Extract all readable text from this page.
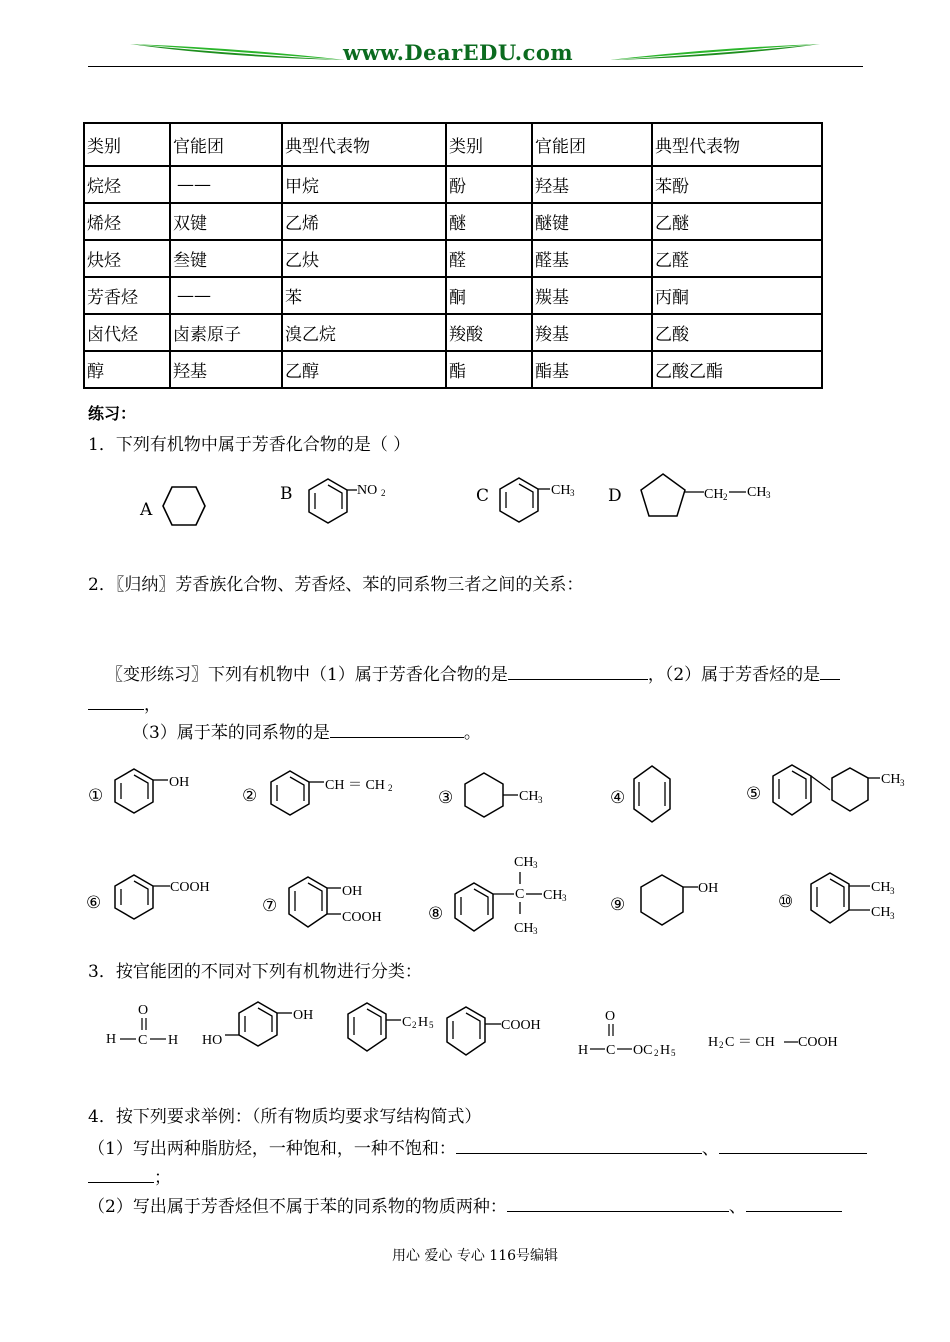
www.DearEDU.com
类别	官能团	典型代表物	类别	官能团	典型代表物
烷烃	——	甲烷	酚	羟基	苯酚
烯烃	双键	乙烯	醚	醚键	乙醚
炔烃	叁键	乙炔	醛	醛基	乙醛
芳香烃	——	苯	酮	羰基	丙酮
卤代烃	卤素原子	溴乙烷	羧酸	羧基	乙酸
醇	羟基	乙醇	酯	酯基	乙酸乙酯
练习：
1．下列有机物中属于芳香化合物的是（ ）
A
B	NO 2	C	CH 3 D	CH 2 CH 3
2．〖归纳〗芳香族化合物、芳香烃、苯的同系物三者之间的关系：
〖变形练习〗下列有机物中（1）属于芳香化合物的是	，（2）属于芳香烃的是
，
（3）属于苯的同系物的是	。
①
OH
②
CH ＝ CH 2	③	CH 3	④	⑤
CH 3
⑥
COOH
⑦
OH
COOH	⑧
C
CH 3
CH 3
CH 3	⑨
OH
⑩
CH 3
CH 3
3．按官能团的不同对下列有机物进行分类：
O
H C H
OH
HO
C 2 H 5	COOH
O
H C OC 2 H 5
H 2 C ＝ CH COOH
4．按下列要求举例：（所有物质均要求写结构简式）
（1）写出两种脂肪烃，一种饱和，一种不饱和：	、
；
（2）写出属于芳香烃但不属于苯的同系物的物质两种：	、
用心 爱心 专心 116号编辑
